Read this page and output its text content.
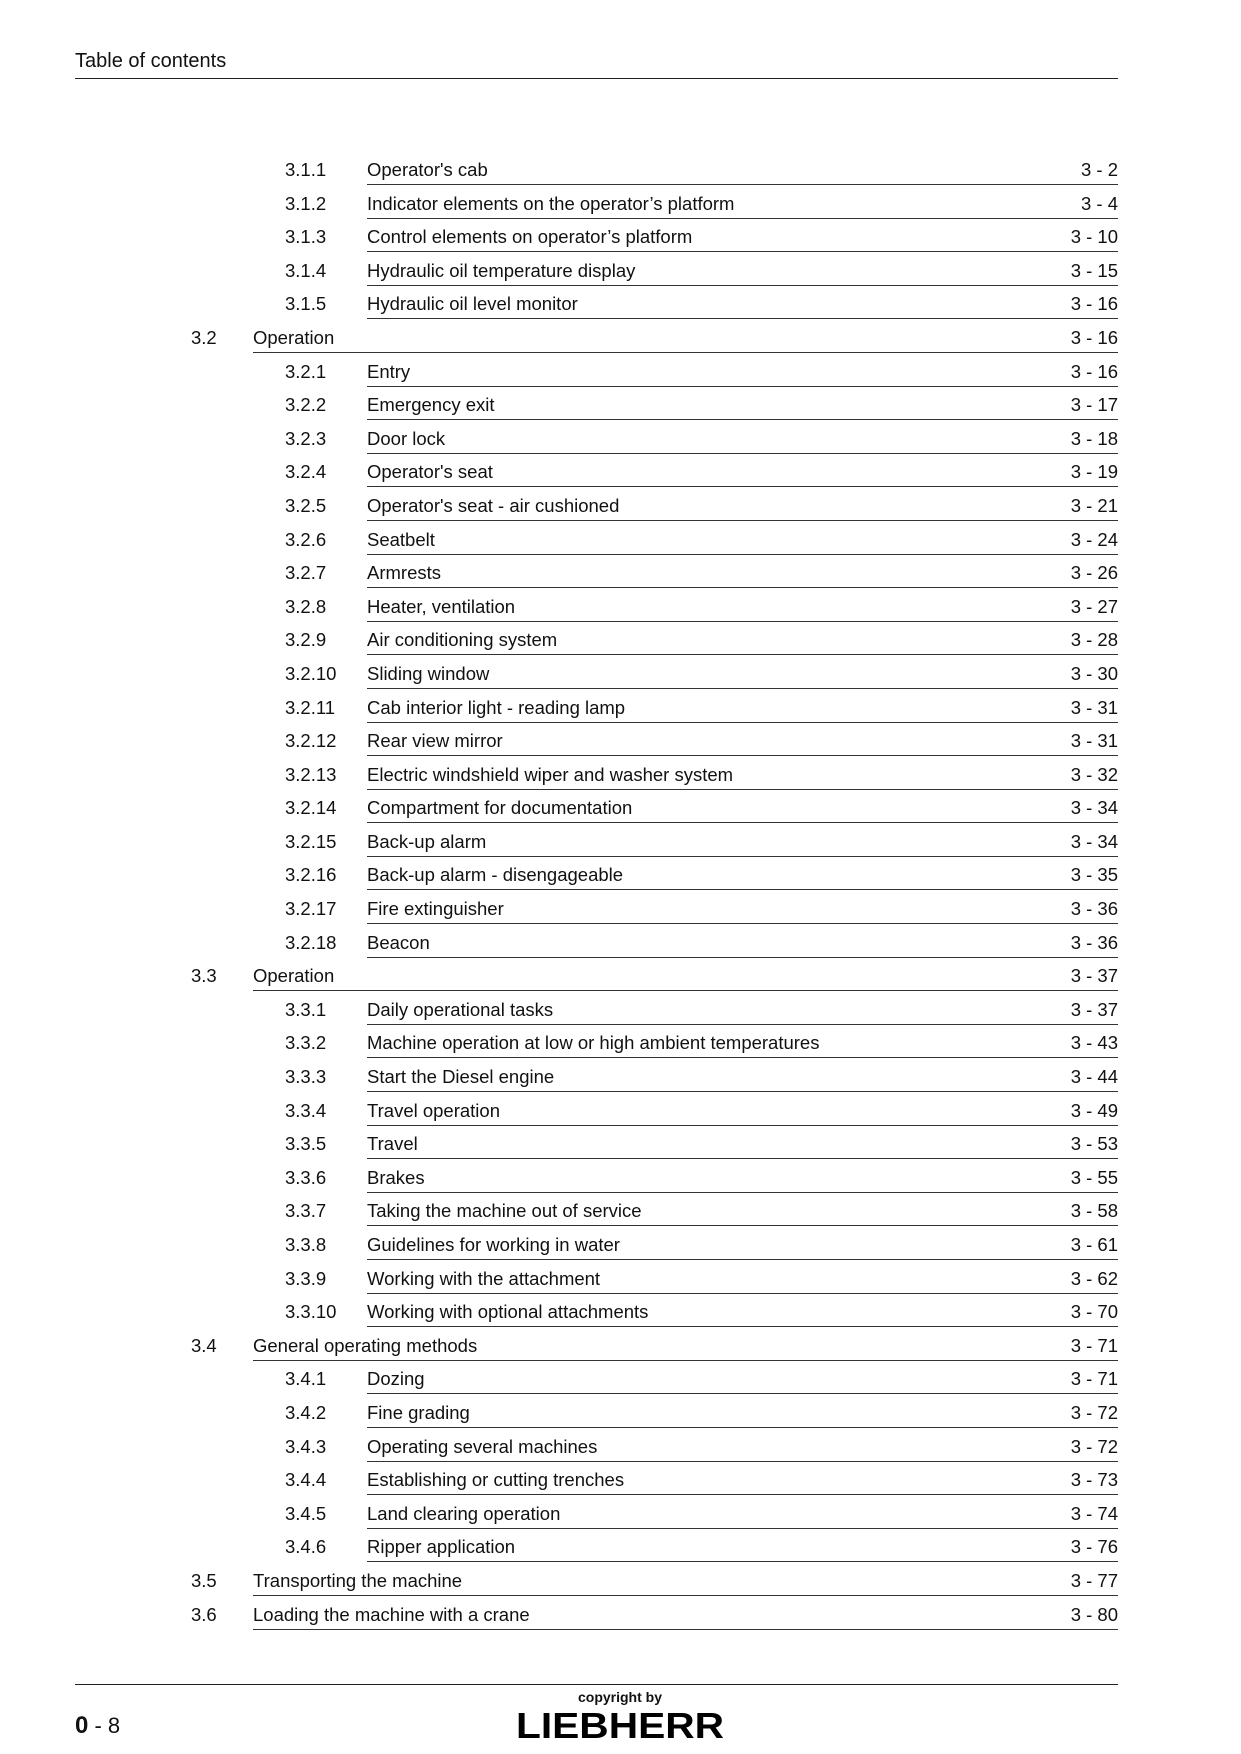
Table of contents
3.1.1 Operator's cab	3 - 2
3.1.2 Indicator elements on the operator’s platform	3 - 4
3.1.3 Control elements on operator’s platform	3 - 10
3.1.4 Hydraulic oil temperature display	3 - 15
3.1.5 Hydraulic oil level monitor	3 - 16
3.2 Operation	3 - 16
3.2.1 Entry	3 - 16
3.2.2 Emergency exit	3 - 17
3.2.3 Door lock	3 - 18
3.2.4 Operator's seat	3 - 19
3.2.5 Operator's seat - air cushioned	3 - 21
3.2.6 Seatbelt	3 - 24
3.2.7 Armrests	3 - 26
3.2.8 Heater, ventilation	3 - 27
3.2.9 Air conditioning system	3 - 28
3.2.10 Sliding window	3 - 30
3.2.11 Cab interior light - reading lamp	3 - 31
3.2.12 Rear view mirror	3 - 31
3.2.13 Electric windshield wiper and washer system	3 - 32
3.2.14 Compartment for documentation	3 - 34
3.2.15 Back-up alarm	3 - 34
3.2.16 Back-up alarm - disengageable	3 - 35
3.2.17 Fire extinguisher	3 - 36
3.2.18 Beacon	3 - 36
3.3 Operation	3 - 37
3.3.1 Daily operational tasks	3 - 37
3.3.2 Machine operation at low or high ambient temperatures	3 - 43
3.3.3 Start the Diesel engine	3 - 44
3.3.4 Travel operation	3 - 49
3.3.5 Travel	3 - 53
3.3.6 Brakes	3 - 55
3.3.7 Taking the machine out of service	3 - 58
3.3.8 Guidelines for working in water	3 - 61
3.3.9 Working with the attachment	3 - 62
3.3.10 Working with optional attachments	3 - 70
3.4 General operating methods	3 - 71
3.4.1 Dozing	3 - 71
3.4.2 Fine grading	3 - 72
3.4.3 Operating several machines	3 - 72
3.4.4 Establishing or cutting trenches	3 - 73
3.4.5 Land clearing operation	3 - 74
3.4.6 Ripper application	3 - 76
3.5 Transporting the machine	3 - 77
3.6 Loading the machine with a crane	3 - 80
0 - 8
copyright by
LIEBHERR
